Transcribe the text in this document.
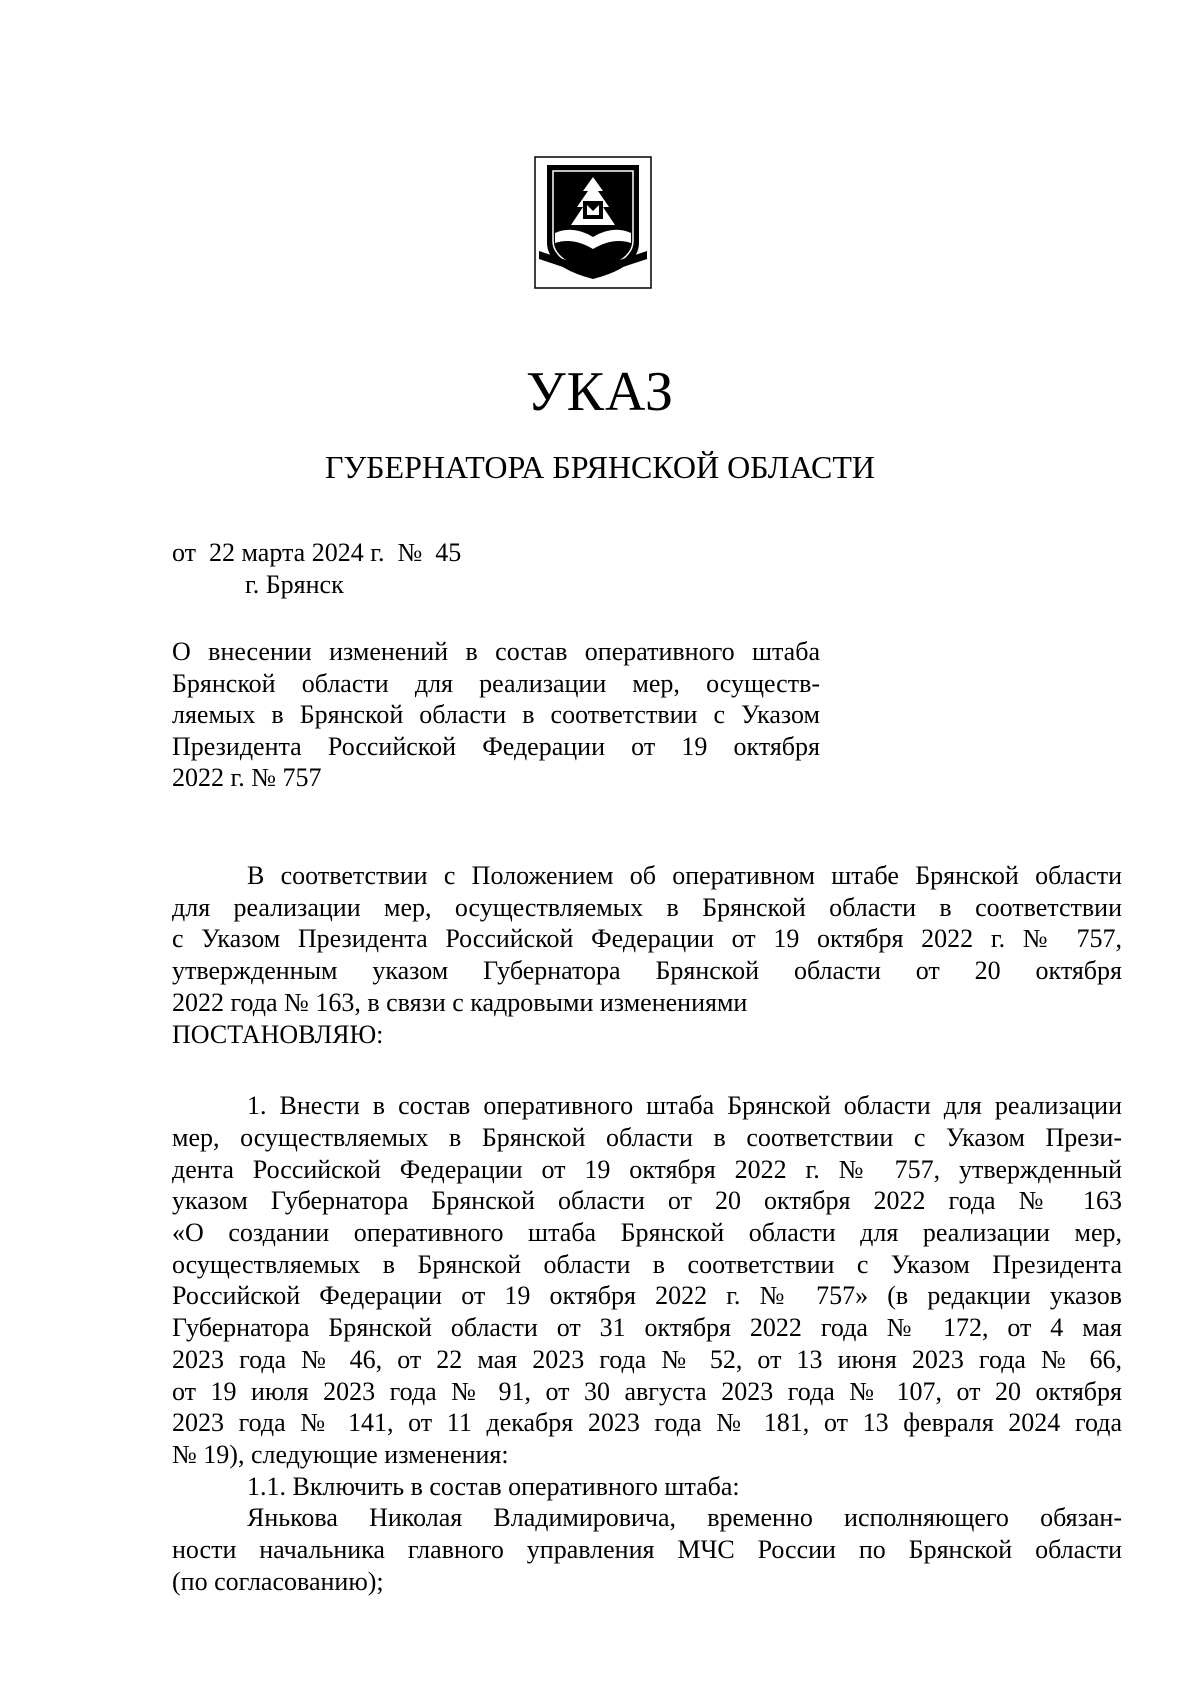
УКАЗ
ГУБЕРНАТОРА БРЯНСКОЙ ОБЛАСТИ
от  22 марта 2024 г.  №  45
г. Брянск
О внесении изменений в состав оперативного штаба
Брянской области для реализации мер, осуществ-
ляемых в Брянской области в соответствии с Указом
Президента Российской Федерации от 19 октября
2022 г. № 757
В соответствии с Положением об оперативном штабе Брянской области
для реализации мер, осуществляемых в Брянской области в соответствии
с Указом Президента Российской Федерации от 19 октября 2022 г. № 757,
утвержденным указом Губернатора Брянской области от 20 октября
2022 года № 163, в связи с кадровыми изменениями
ПОСТАНОВЛЯЮ:
1. Внести в состав оперативного штаба Брянской области для реализации
мер, осуществляемых в Брянской области в соответствии с Указом Прези-
дента Российской Федерации от 19 октября 2022 г. № 757, утвержденный
указом Губернатора Брянской области от 20 октября 2022 года № 163
«О создании оперативного штаба Брянской области для реализации мер,
осуществляемых в Брянской области в соответствии с Указом Президента
Российской Федерации от 19 октября 2022 г. № 757» (в редакции указов
Губернатора Брянской области от 31 октября 2022 года № 172, от 4 мая
2023 года № 46, от 22 мая 2023 года № 52, от 13 июня 2023 года № 66,
от 19 июля 2023 года № 91, от 30 августа 2023 года № 107, от 20 октября
2023 года № 141, от 11 декабря 2023 года № 181, от 13 февраля 2024 года
№ 19), следующие изменения:
1.1. Включить в состав оперативного штаба:
Янькова Николая Владимировича, временно исполняющего обязан-
ности начальника главного управления МЧС России по Брянской области
(по согласованию);
